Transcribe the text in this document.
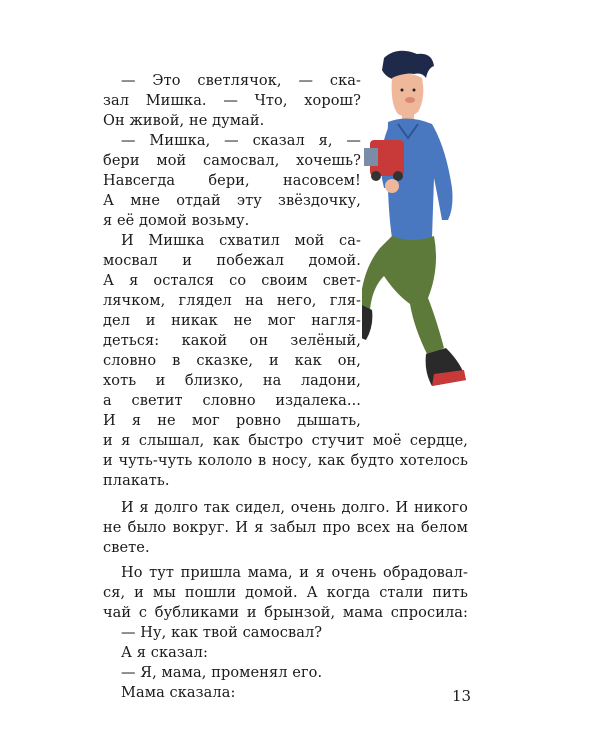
— Это светлячок, — ска-
зал Мишка. — Что, хорош?
Он живой, не думай.
— Мишка, — сказал я, —
бери мой самосвал, хочешь?
Навсегда бери, насовсем!
А мне отдай эту звёздочку,
я её домой возьму.
И Мишка схватил мой са-
мосвал и побежал домой.
А я остался со своим свет-
лячком, глядел на него, гля-
дел и никак не мог нагля-
деться: какой он зелёный,
словно в сказке, и как он,
хоть и близко, на ладони,
а светит словно издалека...
И я не мог ровно дышать,
и я слышал, как быстро стучит моё сердце,
и чуть-чуть кололо в носу, как будто хотелось
плакать.
И я долго так сидел, очень долго. И никого
не было вокруг. И я забыл про всех на белом
свете.
Но тут пришла мама, и я очень обрадовал-
ся, и мы пошли домой. А когда стали пить
чай с бубликами и брынзой, мама спросила:
— Ну, как твой самосвал?
А я сказал:
— Я, мама, променял его.
Мама сказала:	13
